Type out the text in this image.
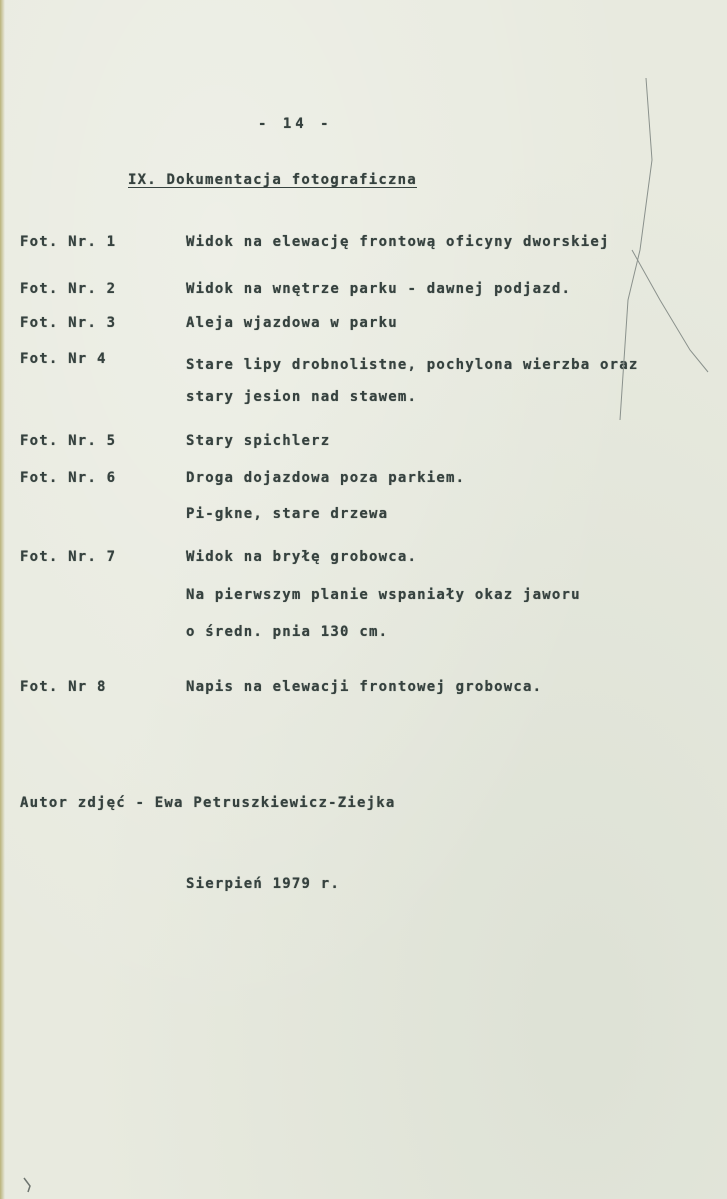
- 14 -
IX. Dokumentacja fotograficzna
Fot. Nr. 1	Widok na elewację frontową oficyny dworskiej
Fot. Nr. 2	Widok na wnętrze parku - dawnej podjazd.
Fot. Nr. 3	Aleja wjazdowa w parku
Fot. Nr 4	Stare lipy drobnolistne, pochylona wierzba oraz
stary jesion nad stawem.
Fot. Nr. 5	Stary spichlerz
Fot. Nr. 6	Droga dojazdowa poza parkiem.
Pi-gkne, stare drzewa
Fot. Nr. 7	Widok na bryłę grobowca.
Na pierwszym planie wspaniały okaz jaworu
o średn. pnia 130 cm.
Fot. Nr 8	Napis na elewacji frontowej grobowca.
Autor zdjęć - Ewa Petruszkiewicz-Ziejka
Sierpień 1979 r.
